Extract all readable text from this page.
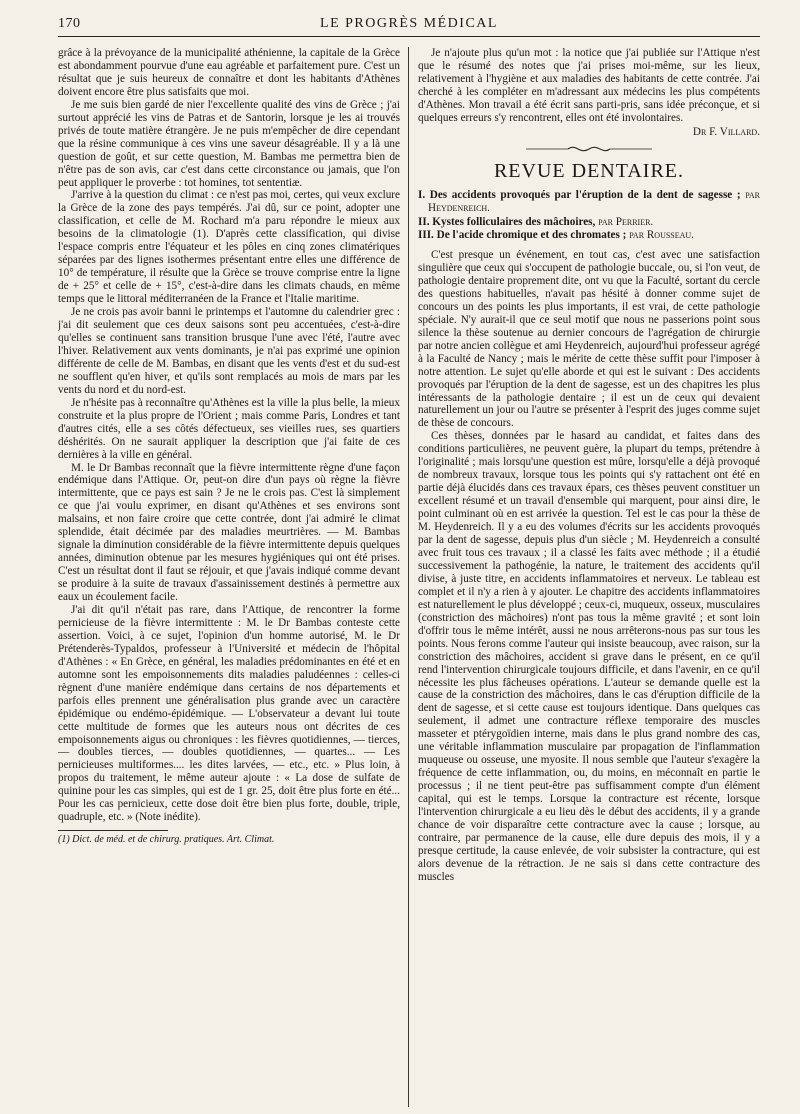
170	LE PROGRÈS MÉDICAL

grâce à la prévoyance de la municipalité athénienne, la capitale de la Grèce est abondamment pourvue d'une eau agréable et parfaitement pure. C'est un résultat que je suis heureux de connaître et dont les habitants d'Athènes doivent encore être plus satisfaits que moi.

Je me suis bien gardé de nier l'excellente qualité des vins de Grèce ; j'ai surtout apprécié les vins de Patras et de Santorin, lorsque je les ai trouvés privés de toute matière étrangère. Je ne puis m'empêcher de dire cependant que la résine communique à ces vins une saveur désagréable. Il y a là une question de goût, et sur cette question, M. Bambas me permettra bien de n'être pas de son avis, car c'est dans cette circonstance ou jamais, que l'on peut appliquer le proverbe : tot homines, tot sententiæ.

J'arrive à la question du climat : ce n'est pas moi, certes, qui veux exclure la Grèce de la zone des pays tempérés. J'ai dû, sur ce point, adopter une classification, et celle de M. Rochard m'a paru répondre le mieux aux besoins de la climatologie (1). D'après cette classification, qui divise l'espace compris entre l'équateur et les pôles en cinq zones climatériques séparées par des lignes isothermes présentant entre elles une différence de 10° de température, il résulte que la Grèce se trouve comprise entre la ligne de + 25° et celle de + 15°, c'est-à-dire dans les climats chauds, en même temps que le littoral méditerranéen de la France et l'Italie maritime.

Je ne crois pas avoir banni le printemps et l'automne du calendrier grec : j'ai dit seulement que ces deux saisons sont peu accentuées, c'est-à-dire qu'elles se continuent sans transition brusque l'une avec l'été, l'autre avec l'hiver. Relativement aux vents dominants, je n'ai pas exprimé une opinion différente de celle de M. Bambas, en disant que les vents d'est et du sud-est ne soufflent qu'en hiver, et qu'ils sont remplacés au mois de mars par les vents du nord et du nord-est.

Je n'hésite pas à reconnaître qu'Athènes est la ville la plus belle, la mieux construite et la plus propre de l'Orient ; mais comme Paris, Londres et tant d'autres cités, elle a ses côtés défectueux, ses vieilles rues, ses quartiers déshérités. On ne saurait appliquer la description que j'ai faite de ces dernières à la ville en général.

M. le Dr Bambas reconnaît que la fièvre intermittente règne d'une façon endémique dans l'Attique. Or, peut-on dire d'un pays où règne la fièvre intermittente, que ce pays est sain ? Je ne le crois pas. C'est là simplement ce que j'ai voulu exprimer, en disant qu'Athènes et ses environs sont malsains, et non faire croire que cette contrée, dont j'ai admiré le climat splendide, était décimée par des maladies meurtrières. — M. Bambas signale la diminution considérable de la fièvre intermittente depuis quelques années, diminution obtenue par les mesures hygiéniques qui ont été prises. C'est un résultat dont il faut se réjouir, et que j'avais indiqué comme devant se produire à la suite de travaux d'assainissement destinés à permettre aux eaux un écoulement facile.

J'ai dit qu'il n'était pas rare, dans l'Attique, de rencontrer la forme pernicieuse de la fièvre intermittente : M. le Dr Bambas conteste cette assertion. Voici, à ce sujet, l'opinion d'un homme autorisé, M. le Dr Prétenderès-Typaldos, professeur à l'Université et médecin de l'hôpital d'Athènes : « En Grèce, en général, les maladies prédominantes en été et en automne sont les empoisonnements dits maladies paludéennes : celles-ci règnent d'une manière endémique dans certains de nos départements et parfois elles prennent une généralisation plus grande avec un caractère épidémique ou endémo-épidémique. — L'observateur a devant lui toute cette multitude de formes que les auteurs nous ont décrites de ces empoisonnements aigus ou chroniques : les fièvres quotidiennes, — tierces, — doubles tierces, — doubles quotidiennes, — quartes... — Les pernicieuses multiformes.... les dites larvées, — etc., etc. » Plus loin, à propos du traitement, le même auteur ajoute : « La dose de sulfate de quinine pour les cas simples, qui est de 1 gr. 25, doit être plus forte en été... Pour les cas pernicieux, cette dose doit être bien plus forte, double, triple, quadruple, etc. » (Note inédite).

(1) Dict. de méd. et de chirurg. pratiques. Art. Climat.

Je n'ajoute plus qu'un mot : la notice que j'ai publiée sur l'Attique n'est que le résumé des notes que j'ai prises moi-même, sur les lieux, relativement à l'hygiène et aux maladies des habitants de cette contrée. J'ai cherché à les compléter en m'adressant aux médecins les plus compétents d'Athènes. Mon travail a été écrit sans parti-pris, sans idée préconçue, et si quelques erreurs s'y rencontrent, elles ont été involontaires.

Dr F. Villard.
REVUE DENTAIRE.
I. Des accidents provoqués par l'éruption de la dent de sagesse ; par Heydenreich.
II. Kystes folliculaires des mâchoires, par Perrier.
III. De l'acide chromique et des chromates ; par Rousseau.

C'est presque un événement, en tout cas, c'est avec une satisfaction singulière que ceux qui s'occupent de pathologie buccale, ou, si l'on veut, de pathologie dentaire proprement dite, ont vu que la Faculté, sortant du cercle des questions habituelles, n'avait pas hésité à donner comme sujet de concours un des points les plus importants, il est vrai, de cette pathologie spéciale. N'y aurait-il que ce seul motif que nous ne passerions point sous silence la thèse soutenue au dernier concours de l'agrégation de chirurgie par notre ancien collègue et ami Heydenreich, aujourd'hui professeur agrégé à la Faculté de Nancy ; mais le mérite de cette thèse suffit pour l'imposer à notre attention. Le sujet qu'elle aborde et qui est le suivant : Des accidents provoqués par l'éruption de la dent de sagesse, est un des chapitres les plus intéressants de la pathologie dentaire ; il est un de ceux qui devaient naturellement un jour ou l'autre se présenter à l'esprit des juges comme sujet de thèse de concours.

Ces thèses, données par le hasard au candidat, et faites dans des conditions particulières, ne peuvent guère, la plupart du temps, prétendre à l'originalité ; mais lorsqu'une question est mûre, lorsqu'elle a déjà provoqué de nombreux travaux, lorsque tous les points qui s'y rattachent ont été en partie déjà élucidés dans ces travaux épars, ces thèses peuvent constituer un excellent résumé et un travail d'ensemble qui marquent, pour ainsi dire, le point culminant où en est arrivée la question. Tel est le cas pour la thèse de M. Heydenreich. Il y a eu des volumes d'écrits sur les accidents provoqués par la dent de sagesse, depuis plus d'un siècle ; M. Heydenreich a consulté avec fruit tous ces travaux ; il a classé les faits avec méthode ; il a étudié successivement la pathogénie, la nature, le traitement des accidents qu'il divise, à juste titre, en accidents inflammatoires et nerveux. Le tableau est complet et il n'y a rien à y ajouter. Le chapitre des accidents inflammatoires est naturellement le plus développé ; ceux-ci, muqueux, osseux, musculaires (constriction des mâchoires) n'ont pas tous la même gravité ; et sont loin d'offrir tous le même intérêt, aussi ne nous arrêterons-nous pas sur tous les points. Nous ferons comme l'auteur qui insiste beaucoup, avec raison, sur la constriction des mâchoires, accident si grave dans le présent, en ce qu'il rend l'intervention chirurgicale toujours difficile, et dans l'avenir, en ce qu'il nécessite les plus fâcheuses opérations. L'auteur se demande quelle est la cause de la constriction des mâchoires, dans le cas d'éruption difficile de la dent de sagesse, et si cette cause est toujours identique. Dans quelques cas seulement, il admet une contracture réflexe temporaire des muscles masseter et ptérygoïdien interne, mais dans le plus grand nombre des cas, une véritable inflammation musculaire par propagation de l'inflammation muqueuse ou osseuse, une myosite. Il nous semble que l'auteur s'exagère la fréquence de cette inflammation, ou, du moins, en méconnaît en partie le processus ; il ne tient peut-être pas suffisamment compte d'un élément capital, qui est le temps. Lorsque la contracture est récente, lorsque l'intervention chirurgicale a eu lieu dès le début des accidents, il y a grande chance de voir disparaître cette contracture avec la cause ; lorsque, au contraire, par permanence de la cause, elle dure depuis des mois, il y a presque certitude, la cause enlevée, de voir subsister la contracture, qui est alors devenue de la rétraction. Je ne sais si dans cette contracture des muscles
